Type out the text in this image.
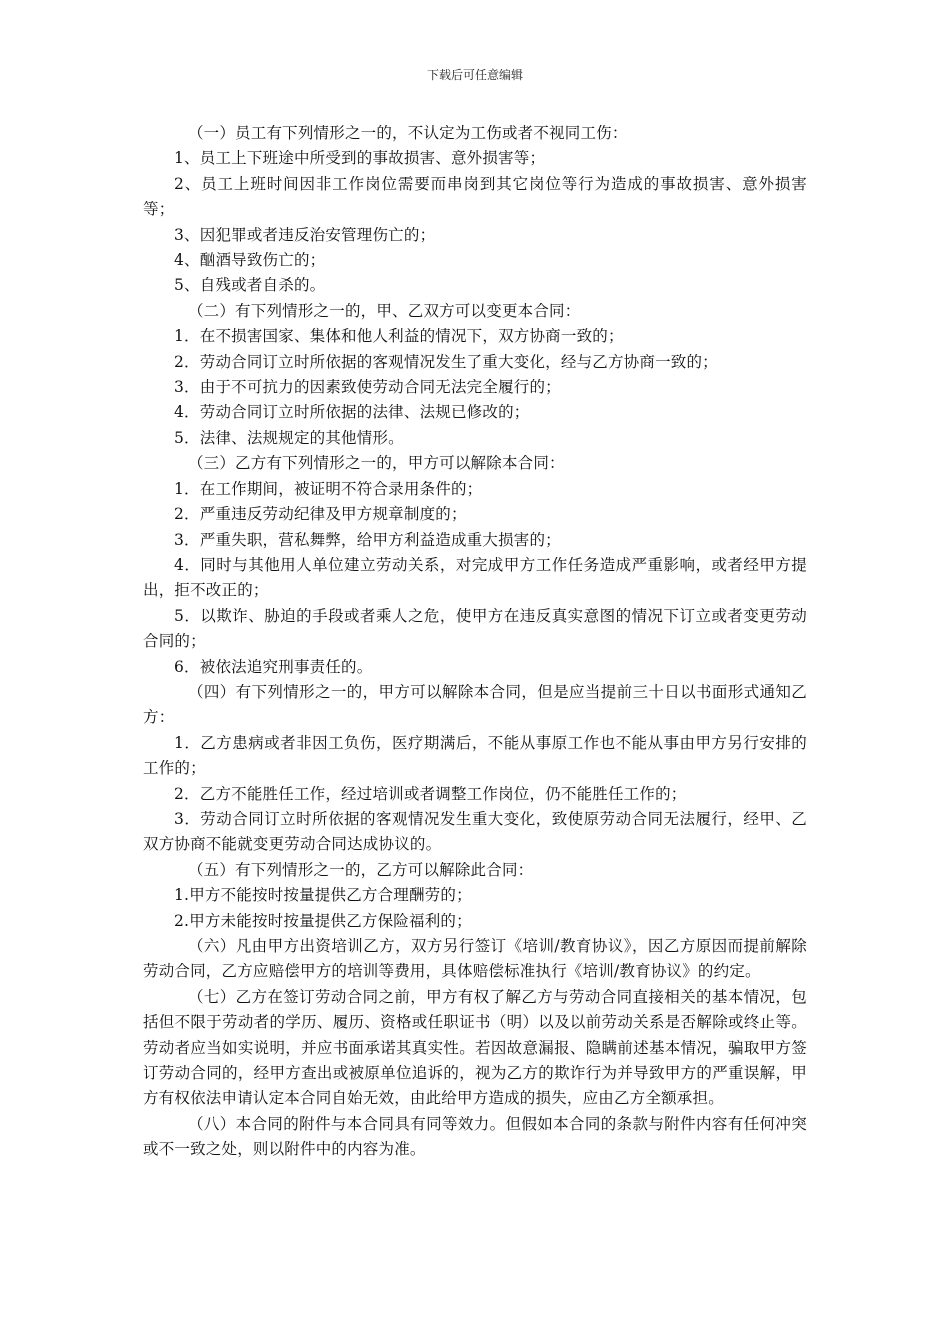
下载后可任意编辑

（一）员工有下列情形之一的，不认定为工伤或者不视同工伤：

1、员工上下班途中所受到的事故损害、意外损害等；

2、员工上班时间因非工作岗位需要而串岗到其它岗位等行为造成的事故损害、意外损害等；

3、因犯罪或者违反治安管理伤亡的；

4、酗酒导致伤亡的；

5、自残或者自杀的。

（二）有下列情形之一的，甲、乙双方可以变更本合同：

1．在不损害国家、集体和他人利益的情况下，双方协商一致的；

2．劳动合同订立时所依据的客观情况发生了重大变化，经与乙方协商一致的；

3．由于不可抗力的因素致使劳动合同无法完全履行的；

4．劳动合同订立时所依据的法律、法规已修改的；

5．法律、法规规定的其他情形。

（三）乙方有下列情形之一的，甲方可以解除本合同：

1．在工作期间，被证明不符合录用条件的；

2．严重违反劳动纪律及甲方规章制度的；

3．严重失职，营私舞弊，给甲方利益造成重大损害的；

4．同时与其他用人单位建立劳动关系，对完成甲方工作任务造成严重影响，或者经甲方提出，拒不改正的；

5．以欺诈、胁迫的手段或者乘人之危，使甲方在违反真实意图的情况下订立或者变更劳动合同的；

6．被依法追究刑事责任的。

（四）有下列情形之一的，甲方可以解除本合同，但是应当提前三十日以书面形式通知乙方：

1．乙方患病或者非因工负伤，医疗期满后，不能从事原工作也不能从事由甲方另行安排的工作的；

2．乙方不能胜任工作，经过培训或者调整工作岗位，仍不能胜任工作的；

3．劳动合同订立时所依据的客观情况发生重大变化，致使原劳动合同无法履行，经甲、乙双方协商不能就变更劳动合同达成协议的。

（五）有下列情形之一的，乙方可以解除此合同：

1.甲方不能按时按量提供乙方合理酬劳的；

2.甲方未能按时按量提供乙方保险福利的；

（六）凡由甲方出资培训乙方，双方另行签订《培训/教育协议》，因乙方原因而提前解除劳动合同，乙方应赔偿甲方的培训等费用，具体赔偿标准执行《培训/教育协议》的约定。

（七）乙方在签订劳动合同之前，甲方有权了解乙方与劳动合同直接相关的基本情况，包括但不限于劳动者的学历、履历、资格或任职证书（明）以及以前劳动关系是否解除或终止等。劳动者应当如实说明，并应书面承诺其真实性。若因故意漏报、隐瞒前述基本情况，骗取甲方签订劳动合同的，经甲方查出或被原单位追诉的，视为乙方的欺诈行为并导致甲方的严重误解，甲方有权依法申请认定本合同自始无效，由此给甲方造成的损失，应由乙方全额承担。

（八）本合同的附件与本合同具有同等效力。但假如本合同的条款与附件内容有任何冲突或不一致之处，则以附件中的内容为准。
